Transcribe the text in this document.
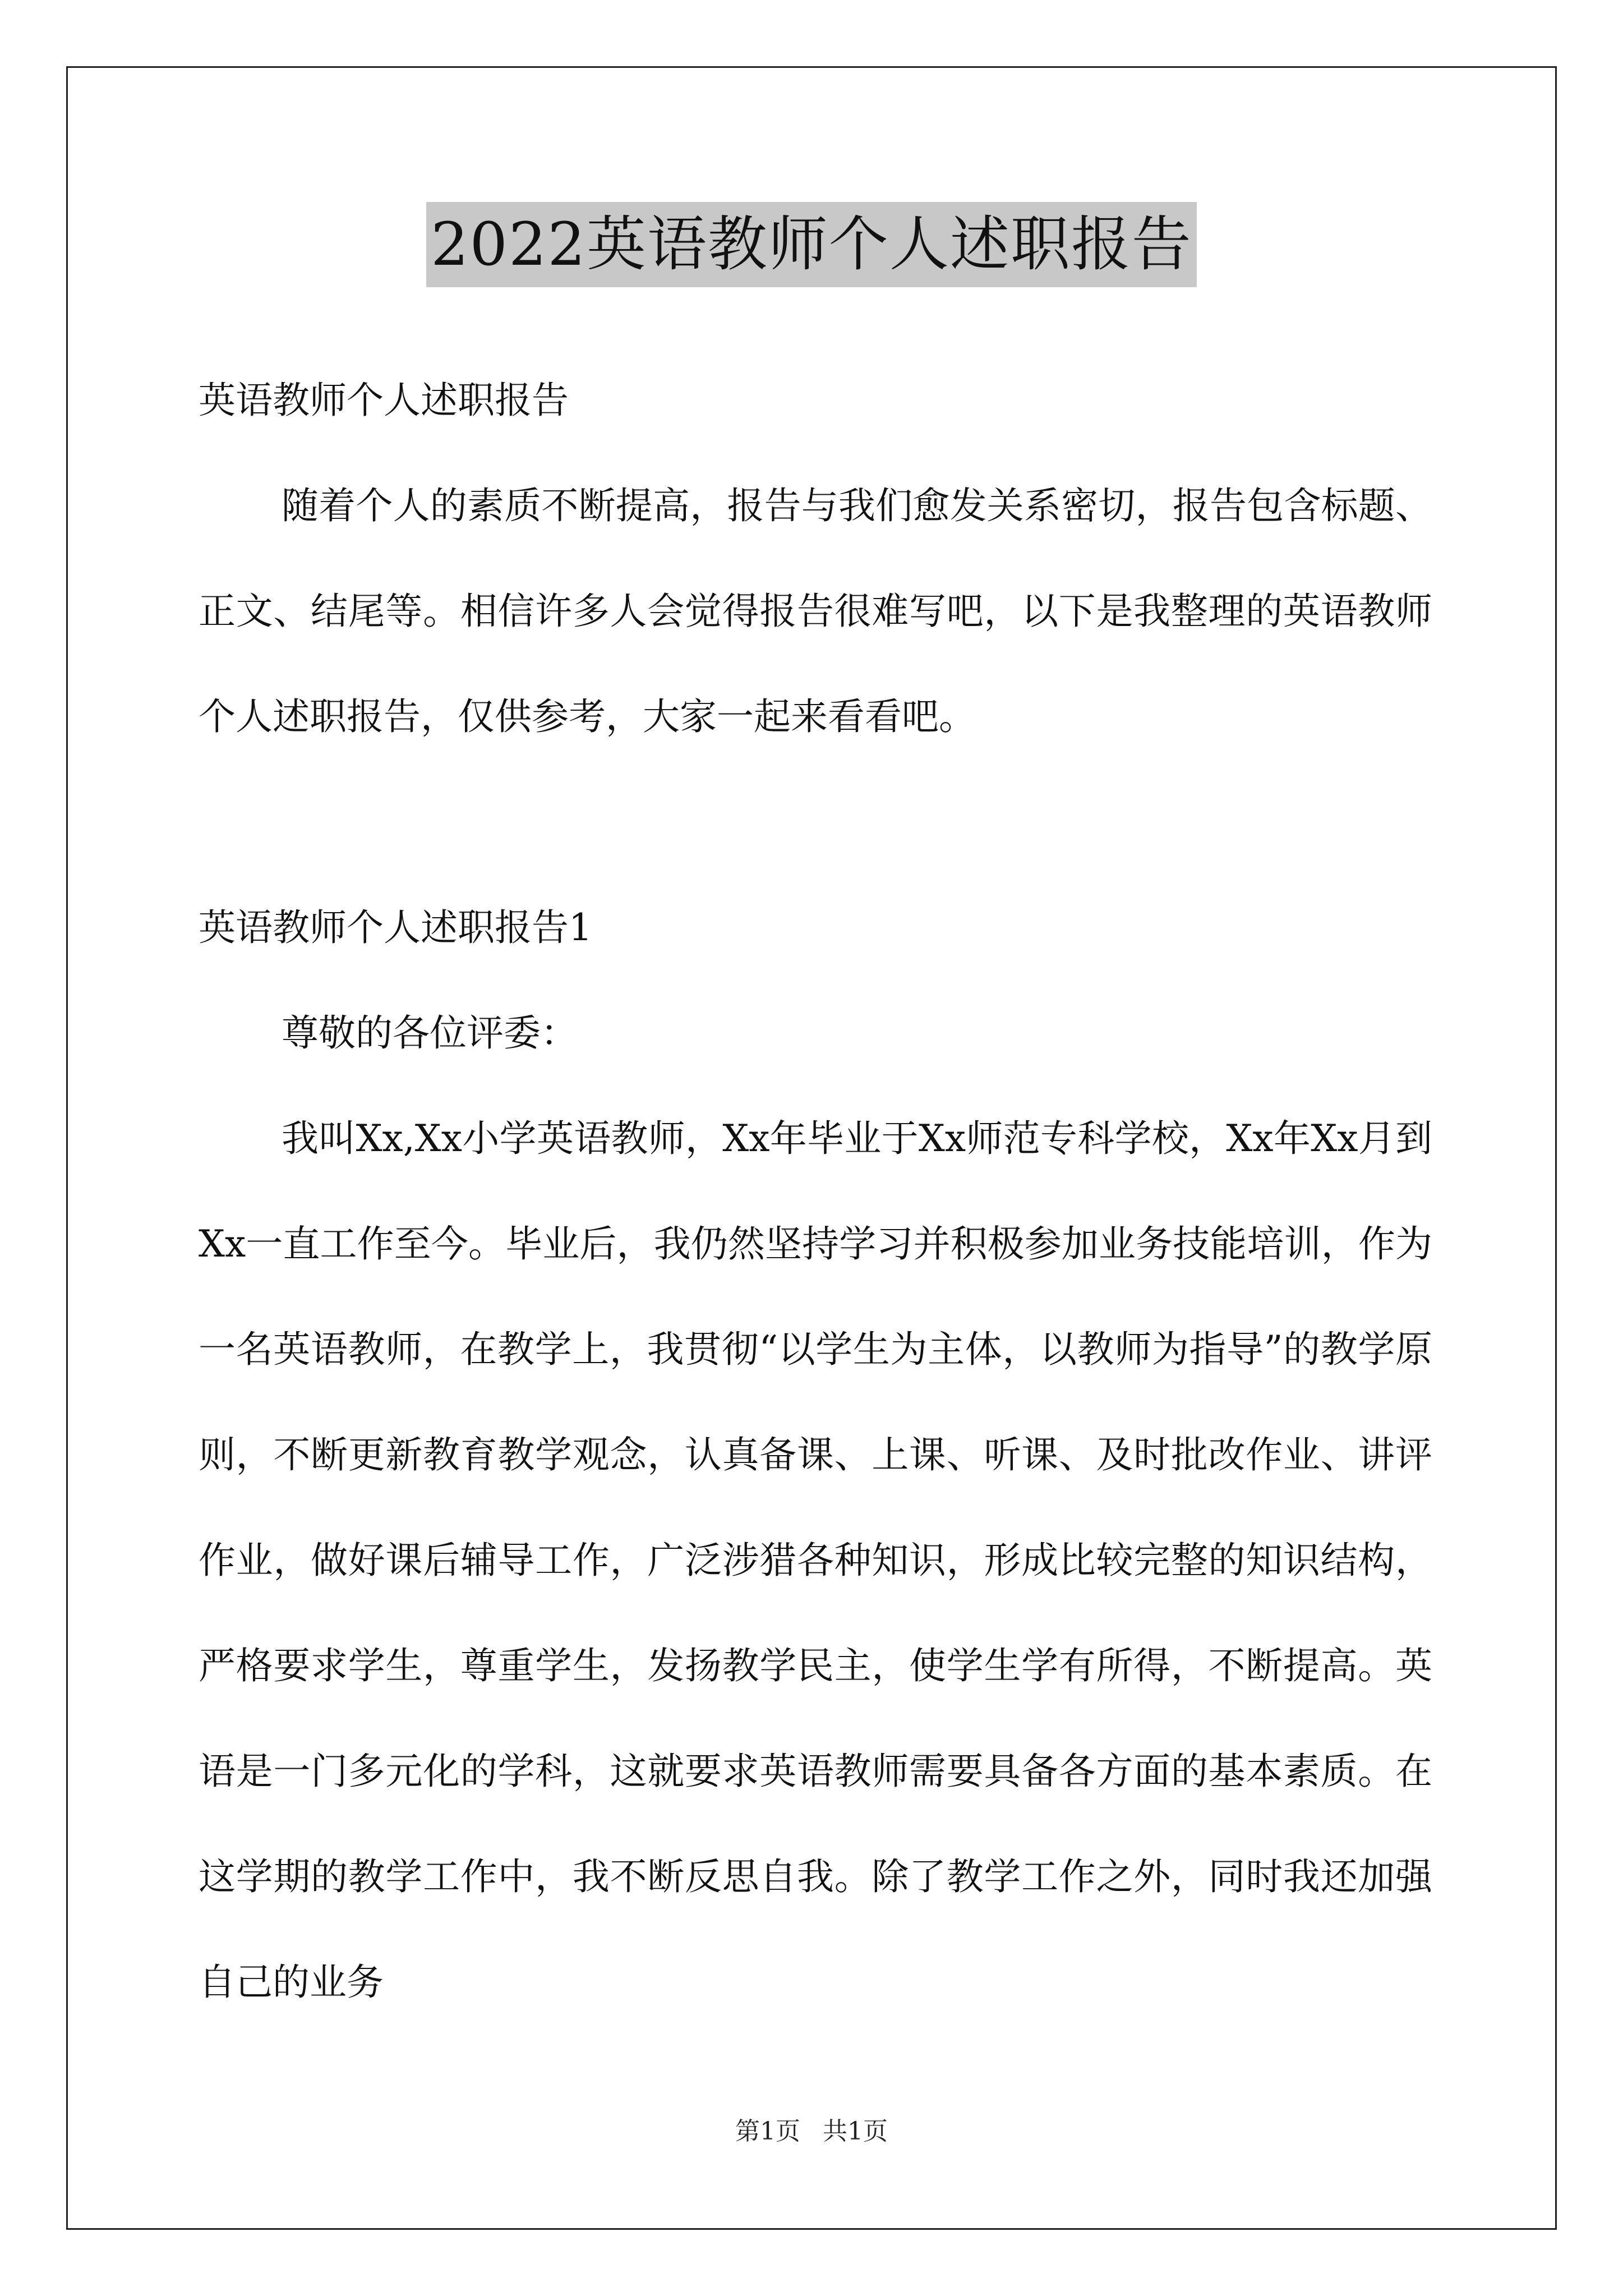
2022英语教师个人述职报告

英语教师个人述职报告

随着个人的素质不断提高，报告与我们愈发关系密切，报告包含标题、正文、结尾等。相信许多人会觉得报告很难写吧，以下是我整理的英语教师个人述职报告，仅供参考，大家一起来看看吧。

英语教师个人述职报告1

尊敬的各位评委：

我叫Xx,Xx小学英语教师，Xx年毕业于Xx师范专科学校，Xx年Xx月到Xx一直工作至今。毕业后，我仍然坚持学习并积极参加业务技能培训，作为一名英语教师，在教学上，我贯彻“以学生为主体，以教师为指导”的教学原则，不断更新教育教学观念，认真备课、上课、听课、及时批改作业、讲评作业，做好课后辅导工作，广泛涉猎各种知识，形成比较完整的知识结构，严格要求学生，尊重学生，发扬教学民主，使学生学有所得，不断提高。英语是一门多元化的学科，这就要求英语教师需要具备各方面的基本素质。在这学期的教学工作中，我不断反思自我。除了教学工作之外，同时我还加强自己的业务

第1页 共1页
